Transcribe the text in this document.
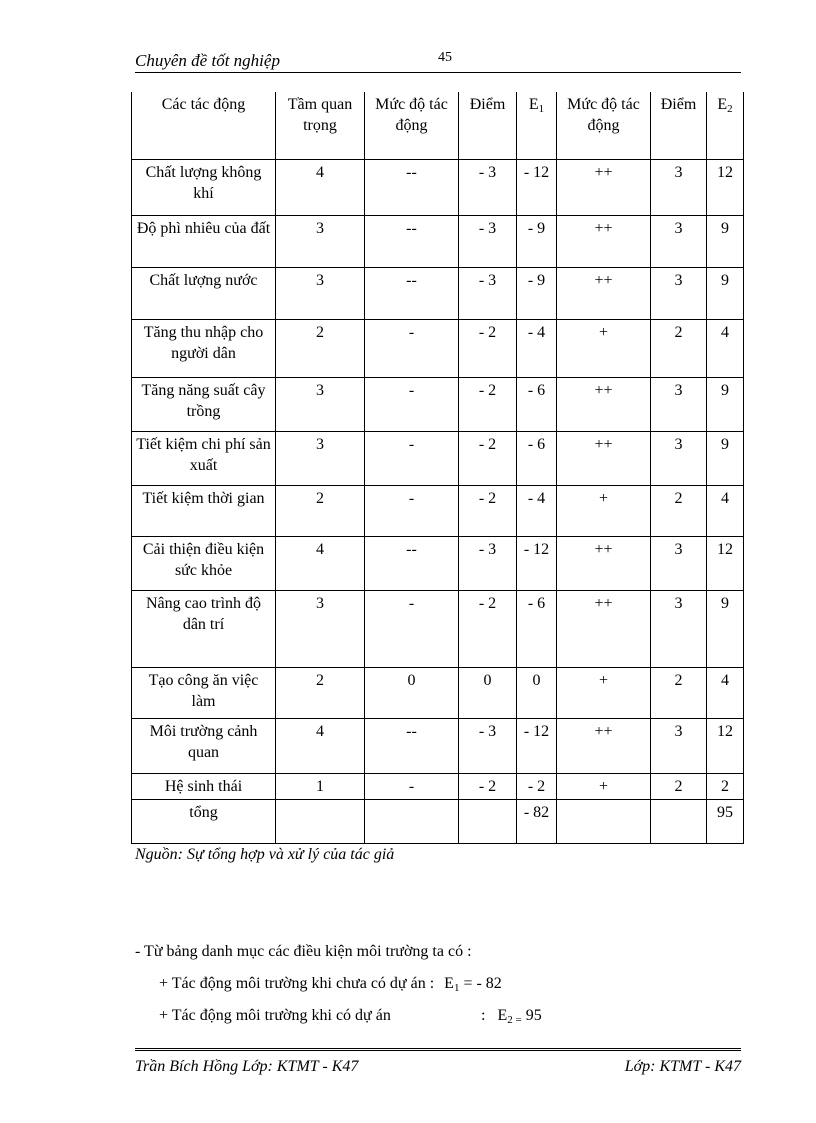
Chuyên đề tốt nghiệp	45
Các tác động	Tầm quan trọng	Mức độ tác động	Điểm	$E_1$	Mức độ tác động	Điểm	$E_2$
Chất lượng không khí	4	--	- 3	- 12	++	3	12
Độ phì nhiêu của đất	3	--	- 3	- 9	++	3	9
Chất lượng nước	3	--	- 3	- 9	++	3	9
Tăng thu nhập cho người dân	2	-	- 2	- 4	+	2	4
Tăng năng suất cây trồng	3	-	- 2	- 6	++	3	9
Tiết kiệm chi phí sản xuất	3	-	- 2	- 6	++	3	9
Tiết kiệm thời gian	2	-	- 2	- 4	+	2	4
Cải thiện điều kiện sức khỏe	4	--	- 3	- 12	++	3	12
Nâng cao trình độ dân trí	3	-	- 2	- 6	++	3	9
Tạo công ăn việc làm	2	0	0	0	+	2	4
Môi trường cảnh quan	4	--	- 3	- 12	++	3	12
Hệ sinh thái	1	-	- 2	- 2	+	2	2
tổng				- 82			95
Nguồn: Sự tổng hợp và xử lý của tác giả
- Từ bảng danh mục các điều kiện môi trường ta có :
+ Tác động môi trường khi chưa có dự án : $E_1$ = - 82
+ Tác động môi trường khi có dự án	: $E_{2 =}$ 95
Trần Bích Hồng Lớp: KTMT - K47	Lớp: KTMT - K47
